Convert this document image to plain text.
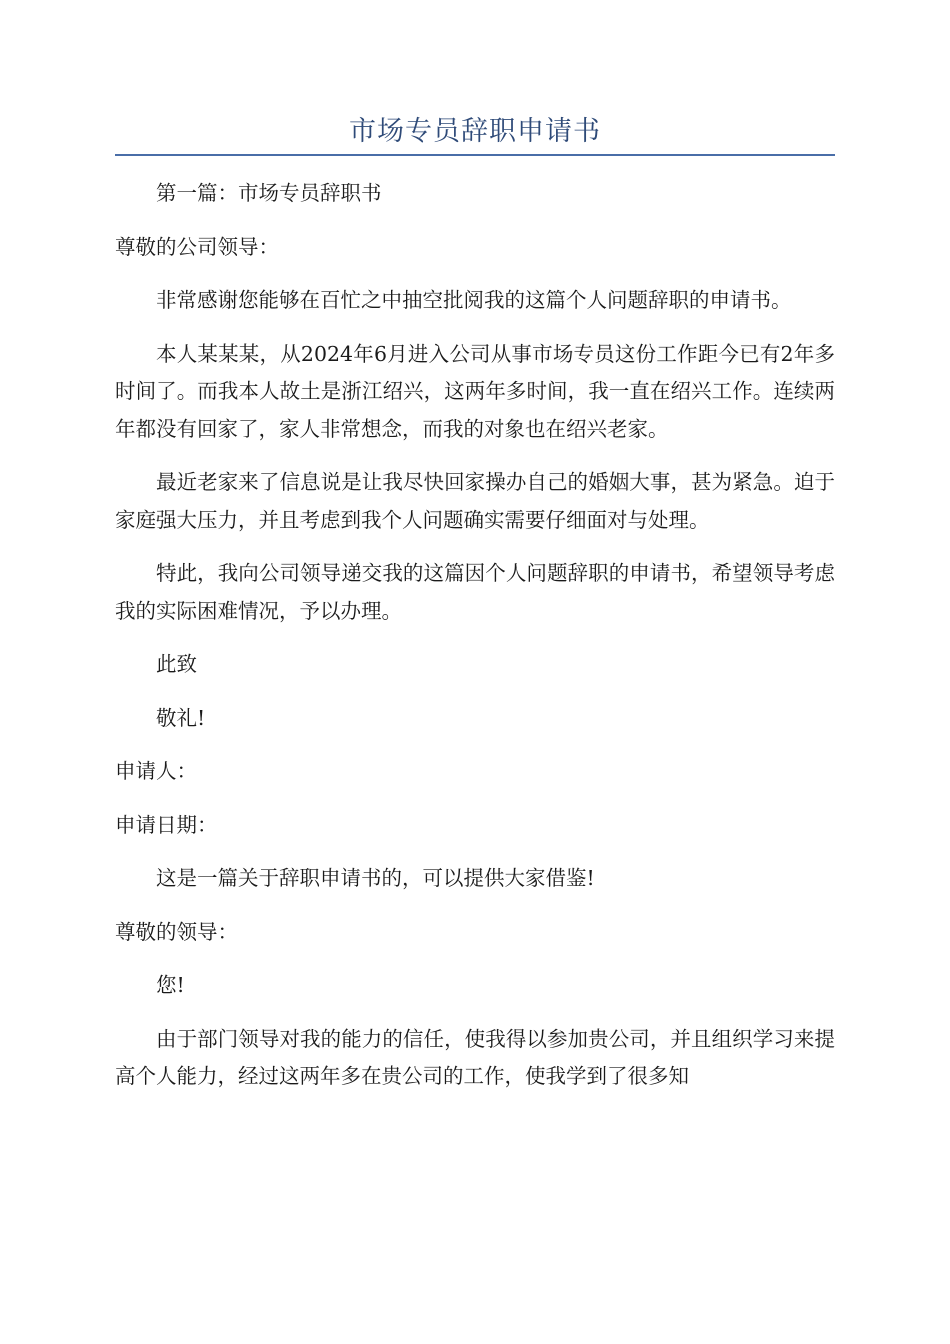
市场专员辞职申请书

第一篇：市场专员辞职书

尊敬的公司领导：

非常感谢您能够在百忙之中抽空批阅我的这篇个人问题辞职的申请书。

本人某某某，从2024年6月进入公司从事市场专员这份工作距今已有2年多时间了。而我本人故土是浙江绍兴，这两年多时间，我一直在绍兴工作。连续两年都没有回家了，家人非常想念，而我的对象也在绍兴老家。

最近老家来了信息说是让我尽快回家操办自己的婚姻大事，甚为紧急。迫于家庭强大压力，并且考虑到我个人问题确实需要仔细面对与处理。

特此，我向公司领导递交我的这篇因个人问题辞职的申请书，希望领导考虑我的实际困难情况，予以办理。

此致

敬礼!

申请人：

申请日期：

这是一篇关于辞职申请书的，可以提供大家借鉴!

尊敬的领导：

您!

由于部门领导对我的能力的信任，使我得以参加贵公司，并且组织学习来提高个人能力，经过这两年多在贵公司的工作，使我学到了很多知
